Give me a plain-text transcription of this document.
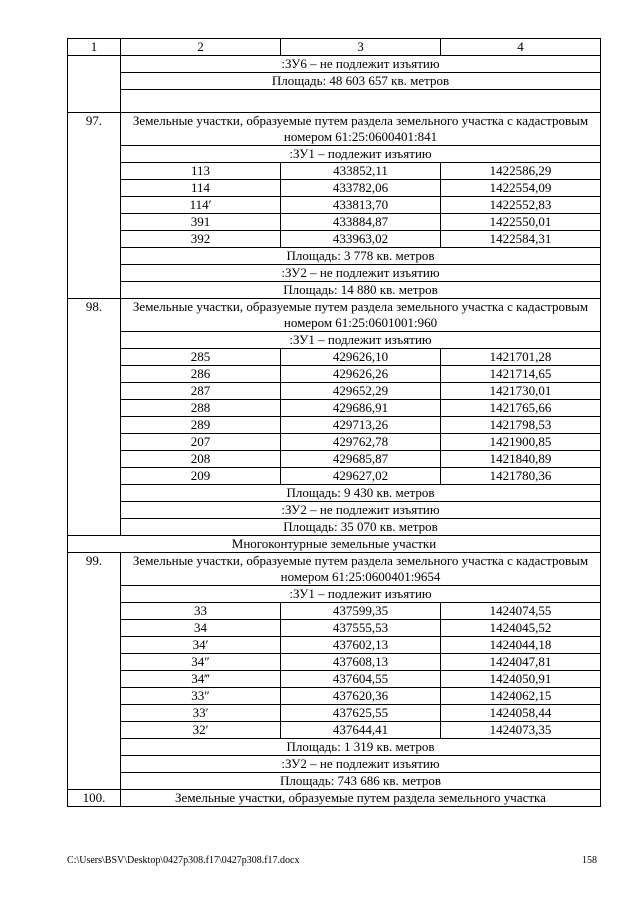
1	2	3	4
	:ЗУ6 – не подлежит изъятию		
	Площадь: 48 603 657 кв. метров		

97.	Земельные участки, образуемые путем раздела земельного участка с кадастровым номером 61:25:0600401:841		
	:ЗУ1 – подлежит изъятию		
	113	433852,11	1422586,29
	114	433782,06	1422554,09
	114′	433813,70	1422552,83
	391	433884,87	1422550,01
	392	433963,02	1422584,31
	Площадь: 3 778 кв. метров		
	:ЗУ2 – не подлежит изъятию		
	Площадь: 14 880 кв. метров		
98.	Земельные участки, образуемые путем раздела земельного участка с кадастровым номером 61:25:0601001:960		
	:ЗУ1 – подлежит изъятию		
	285	429626,10	1421701,28
	286	429626,26	1421714,65
	287	429652,29	1421730,01
	288	429686,91	1421765,66
	289	429713,26	1421798,53
	207	429762,78	1421900,85
	208	429685,87	1421840,89
	209	429627,02	1421780,36
	Площадь: 9 430 кв. метров		
	:ЗУ2 – не подлежит изъятию		
	Площадь: 35 070 кв. метров		
Многоконтурные земельные участки			
99.	Земельные участки, образуемые путем раздела земельного участка с кадастровым номером 61:25:0600401:9654		
	:ЗУ1 – подлежит изъятию		
	33	437599,35	1424074,55
	34	437555,53	1424045,52
	34′	437602,13	1424044,18
	34″	437608,13	1424047,81
	34‴	437604,55	1424050,91
	33″	437620,36	1424062,15
	33′	437625,55	1424058,44
	32′	437644,41	1424073,35
	Площадь: 1 319 кв. метров		
	:ЗУ2 – не подлежит изъятию		
	Площадь: 743 686 кв. метров		
100.	Земельные участки, образуемые путем раздела земельного участка		
C:\Users\BSV\Desktop\0427p308.f17\0427p308.f17.docx	158
